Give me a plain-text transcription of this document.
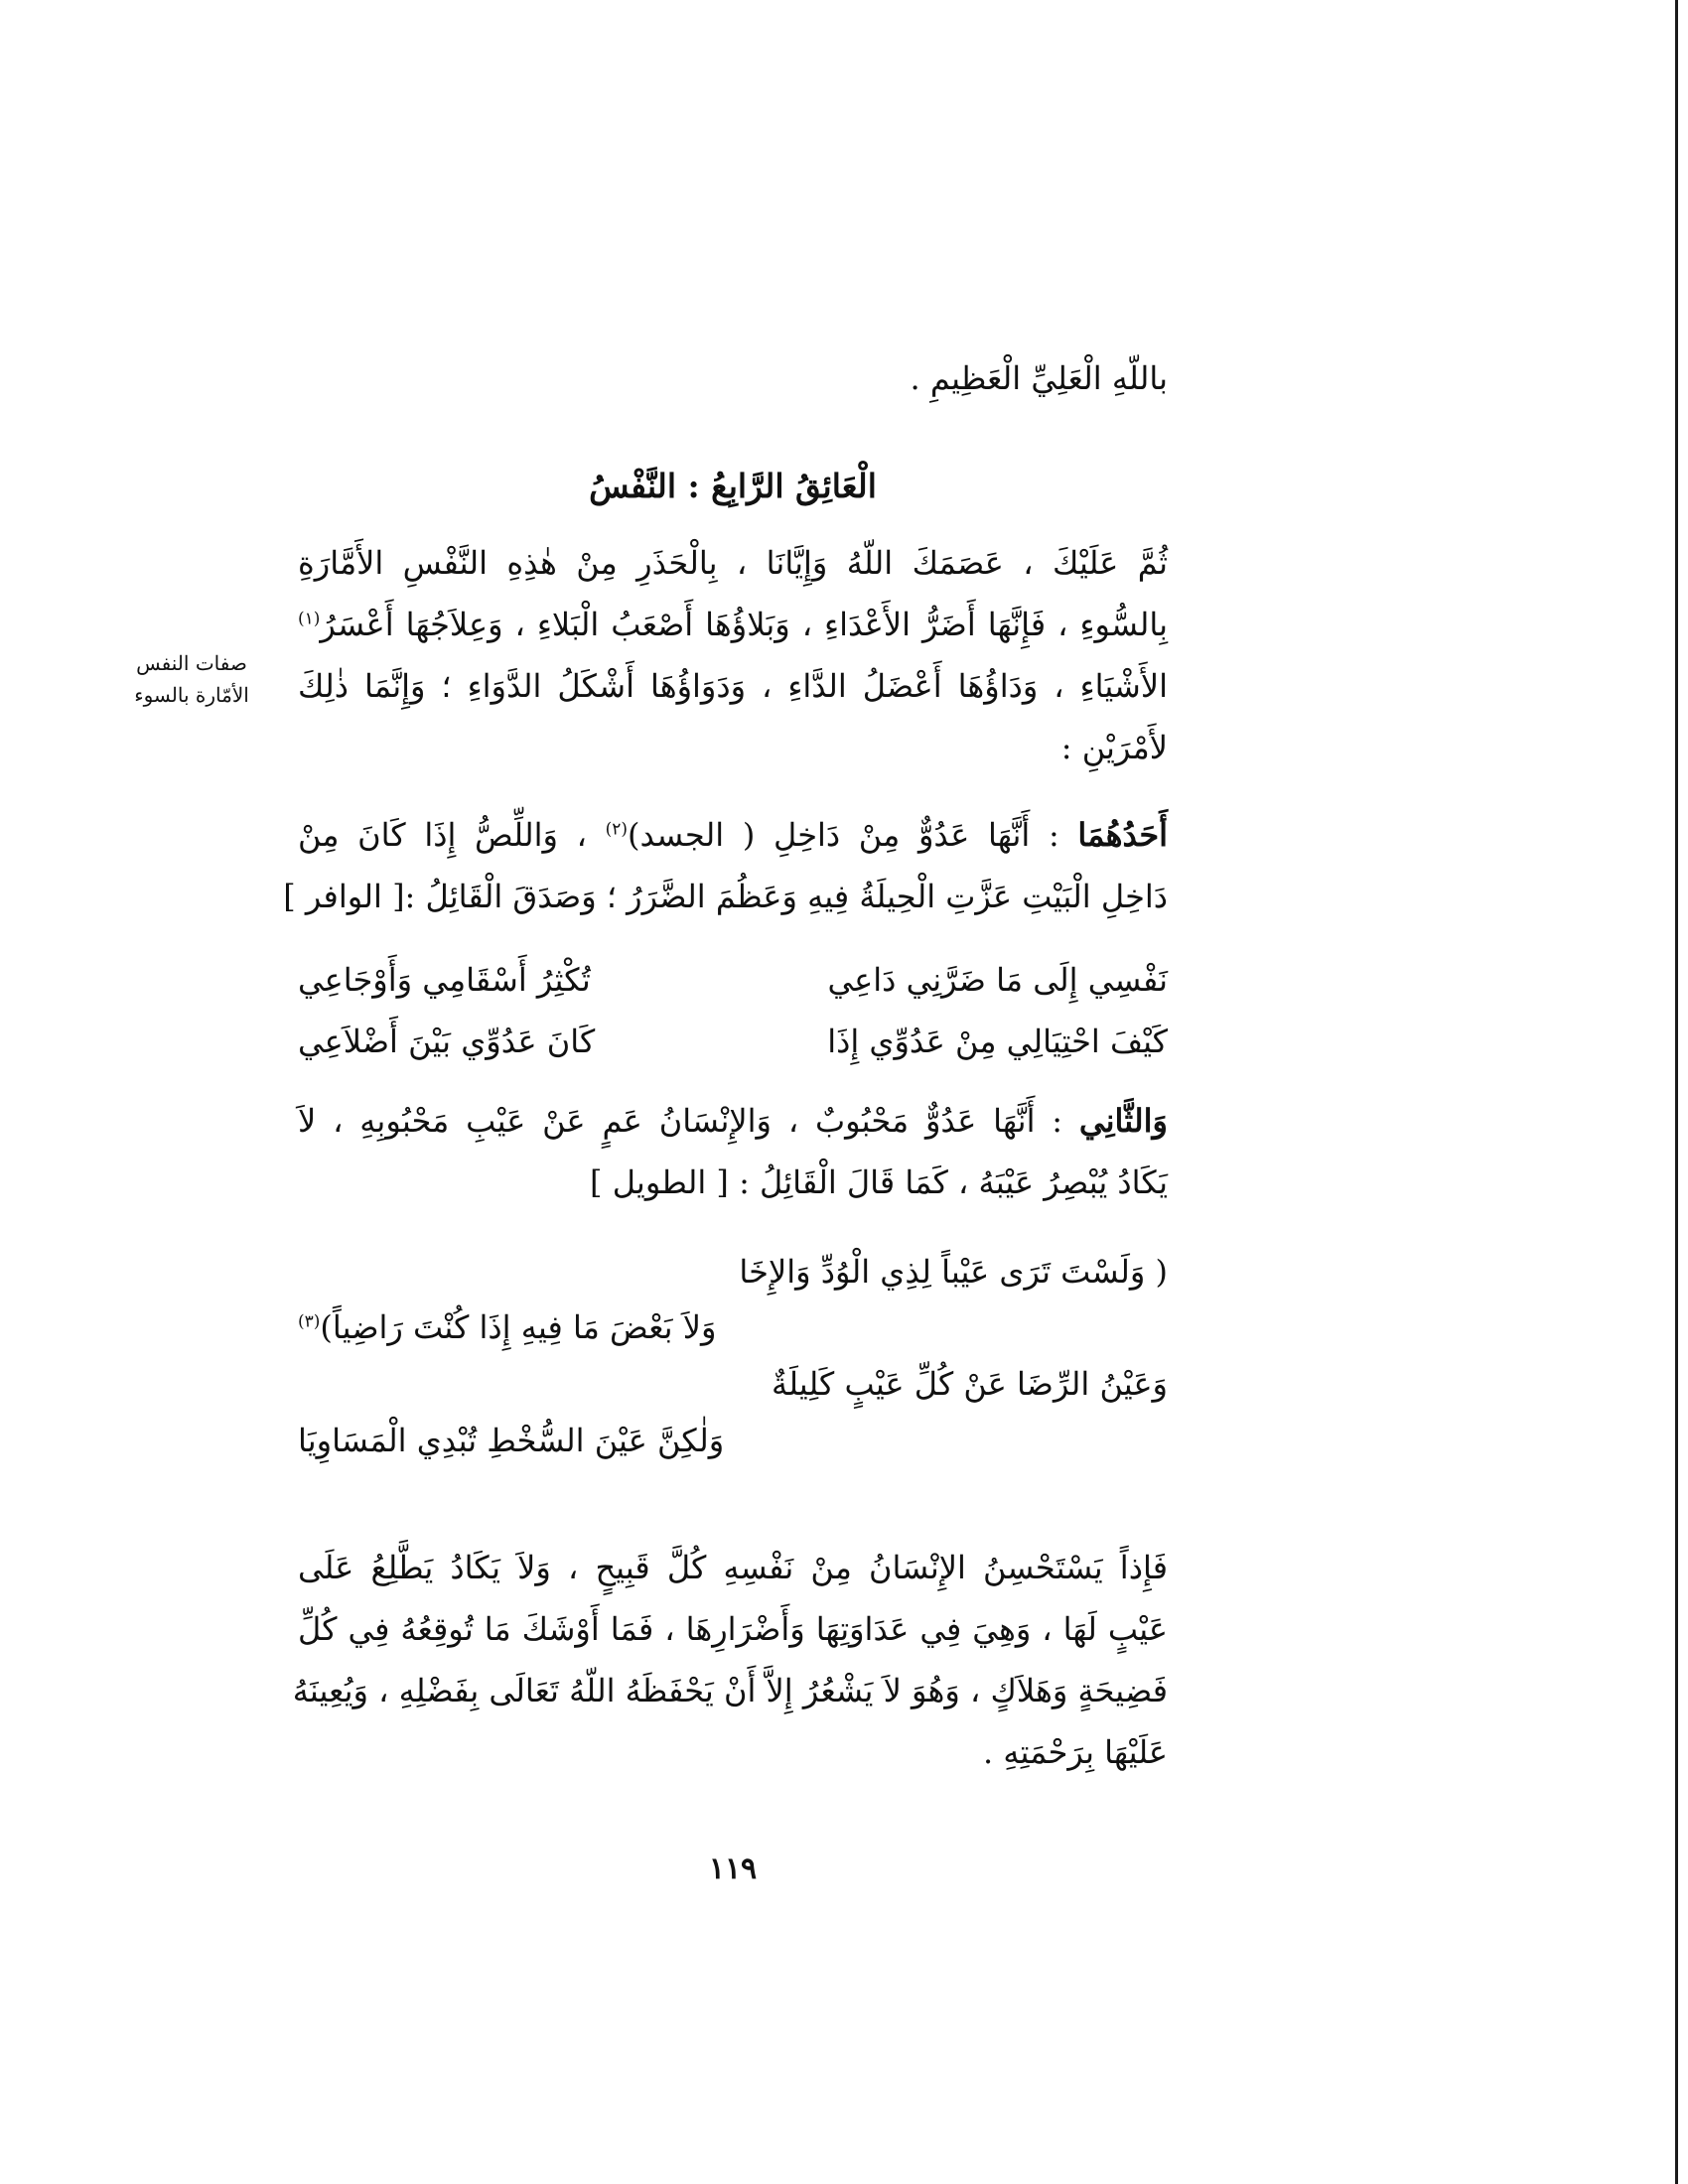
باللّهِ الْعَلِيِّ الْعَظِيمِ .
الْعَائِقُ الرَّابِعُ : النَّفْسُ
صفات النفس
الأمّارة بالسوء
ثُمَّ عَلَيْكَ ، عَصَمَكَ اللّهُ وَإِيَّانَا ، بِالْحَذَرِ مِنْ هٰذِهِ النَّفْسِ الأَمَّارَةِ
بِالسُّوءِ ، فَإِنَّهَا أَضَرُّ الأَعْدَاءِ ، وَبَلاؤُهَا أَصْعَبُ الْبَلاءِ ، وَعِلاَجُهَا أَعْسَرُ$^{(١)}$
الأَشْيَاءِ ، وَدَاؤُهَا أَعْضَلُ الدَّاءِ ، وَدَوَاؤُهَا أَشْكَلُ الدَّوَاءِ ؛ وَإِنَّمَا ذٰلِكَ
لأَمْرَيْنِ :
أَحَدُهُمَا : أَنَّهَا عَدُوٌّ مِنْ دَاخِلِ ( الجسد)$^{(٢)}$ ، وَاللِّصُّ إِذَا كَانَ مِنْ
دَاخِلِ الْبَيْتِ عَزَّتِ الْحِيلَةُ فِيهِ وَعَظُمَ الضَّرَرُ ؛ وَصَدَقَ الْقَائِلُ :[ الوافر ]
نَفْسِي إِلَى مَا ضَرَّنِي دَاعِي
تُكْثِرُ أَسْقَامِي وَأَوْجَاعِي
كَيْفَ احْتِيَالِي مِنْ عَدُوِّي إِذَا
كَانَ عَدُوِّي بَيْنَ أَضْلاَعِي
وَالثَّانِي : أَنَّهَا عَدُوٌّ مَحْبُوبٌ ، وَالإِنْسَانُ عَمٍ عَنْ عَيْبِ مَحْبُوبِهِ ، لاَ
يَكَادُ يُبْصِرُ عَيْبَهُ ، كَمَا قَالَ الْقَائِلُ : [ الطويل ]
( وَلَسْتَ تَرَى عَيْباً لِذِي الْوُدِّ وَالإِخَا
وَلاَ بَعْضَ مَا فِيهِ إِذَا كُنْتَ رَاضِياً)$^{(٣)}$
وَعَيْنُ الرِّضَا عَنْ كُلِّ عَيْبٍ كَلِيلَةٌ
وَلٰكِنَّ عَيْنَ السُّخْطِ تُبْدِي الْمَسَاوِيَا
فَإِذاً يَسْتَحْسِنُ الإِنْسَانُ مِنْ نَفْسِهِ كُلَّ قَبِيحٍ ، وَلاَ يَكَادُ يَطَّلِعُ عَلَى
عَيْبٍ لَهَا ، وَهِيَ فِي عَدَاوَتِهَا وَأَضْرَارِهَا ، فَمَا أَوْشَكَ مَا تُوقِعُهُ فِي كُلِّ
فَضِيحَةٍ وَهَلاَكٍ ، وَهُوَ لاَ يَشْعُرُ إِلاَّ أَنْ يَحْفَظَهُ اللّهُ تَعَالَى بِفَضْلِهِ ، وَيُعِينَهُ
عَلَيْهَا بِرَحْمَتِهِ .
١١٩
